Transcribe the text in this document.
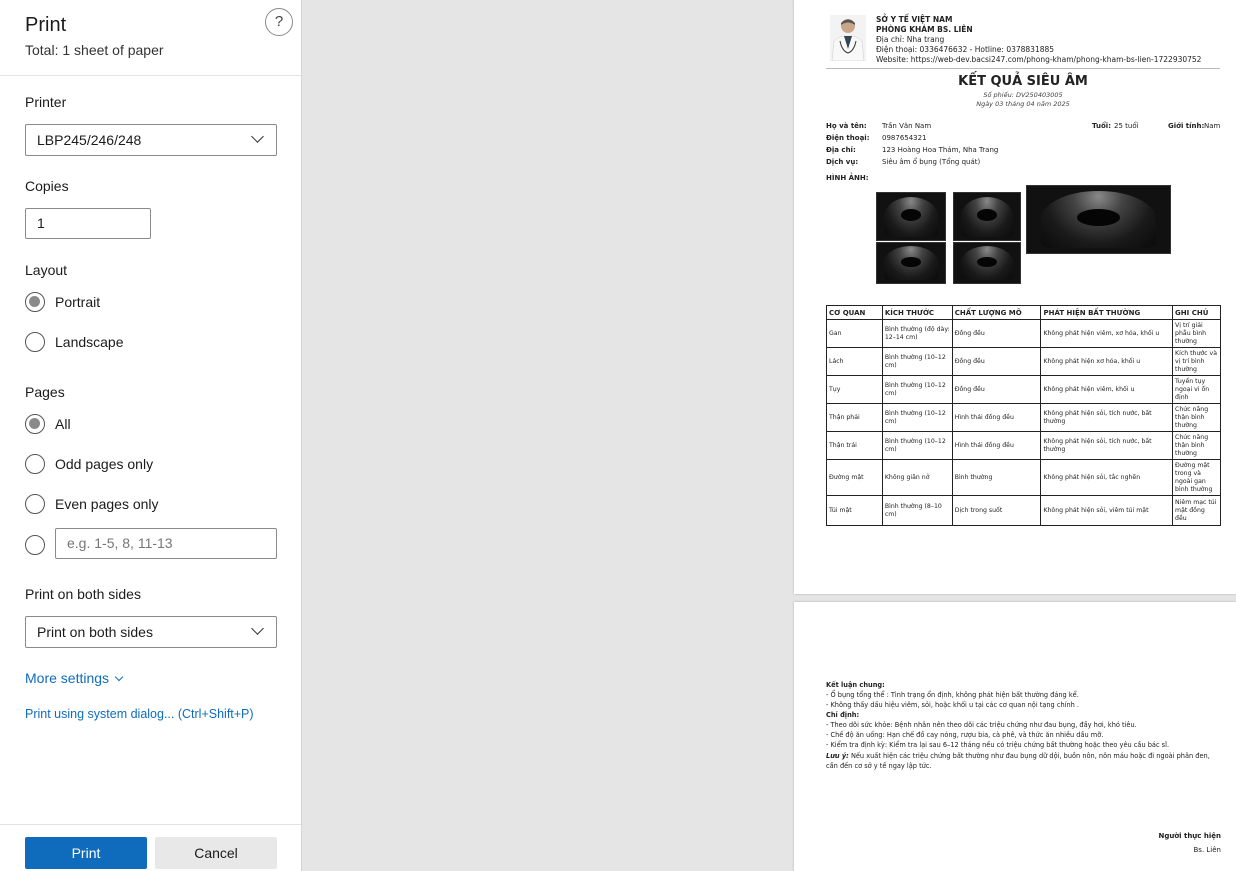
Print
Total: 1 sheet of paper
?
Printer
LBP245/246/248
Copies
1
Layout
Portrait
Landscape
Pages
All
Odd pages only
Even pages only
e.g. 1-5, 8, 11-13
Print on both sides
Print on both sides
More settings
Print using system dialog... (Ctrl+Shift+P)
Print	Cancel
SỞ Y TẾ VIỆT NAM
PHÒNG KHÁM BS. LIÊN
Địa chỉ: Nha trang
Điện thoại: 0336476632 - Hotline: 0378831885
Website: https://web-dev.bacsi247.com/phong-kham/phong-kham-bs-lien-1722930752
KẾT QUẢ SIÊU ÂM
Số phiếu: DV250403005
Ngày 03 tháng 04 năm 2025
Họ và tên: Trần Văn Nam	Tuổi: 25 tuổi	Giới tính: Nam
Điện thoại: 0987654321
Địa chỉ:	123 Hoàng Hoa Thám, Nha Trang
Dịch vụ:	Siêu âm ổ bụng (Tổng quát)
HÌNH ẢNH:
CƠ QUAN	KÍCH THƯỚC	CHẤT LƯỢNG MÔ	PHÁT HIỆN BẤT THƯỜNG	GHI CHÚ
Gan	Bình thường (độ dày: 12–14 cm)	Đồng đều	Không phát hiện viêm, xơ hóa, khối u	Vị trí giải phẫu bình thường
Lách	Bình thường (10–12 cm)	Đồng đều	Không phát hiện xơ hóa, khối u	Kích thước và vị trí bình thường
Tụy	Bình thường (10–12 cm)	Đồng đều	Không phát hiện viêm, khối u	Tuyến tụy ngoại vi ổn định
Thận phải	Bình thường (10–12 cm)	Hình thái đồng đều	Không phát hiện sỏi, tích nước, bất thường	Chức năng thận bình thường
Thận trái	Bình thường (10–12 cm)	Hình thái đồng đều	Không phát hiện sỏi, tích nước, bất thường	Chức năng thận bình thường
Đường mật	Không giãn nở	Bình thường	Không phát hiện sỏi, tắc nghẽn	Đường mật trong và ngoài gan bình thường
Túi mật	Bình thường (8–10 cm)	Dịch trong suốt	Không phát hiện sỏi, viêm túi mật	Niêm mạc túi mật đồng đều
Kết luận chung:
- Ổ bụng tổng thể : Tình trạng ổn định, không phát hiện bất thường đáng kể.
- Không thấy dấu hiệu viêm, sỏi, hoặc khối u tại các cơ quan nội tạng chính .
Chỉ định:
- Theo dõi sức khỏe: Bệnh nhân nên theo dõi các triệu chứng như đau bụng, đầy hơi, khó tiêu.
- Chế độ ăn uống: Hạn chế đồ cay nóng, rượu bia, cà phê, và thức ăn nhiều dầu mỡ.
- Kiểm tra định kỳ: Kiểm tra lại sau 6–12 tháng nếu có triệu chứng bất thường hoặc theo yêu cầu bác sĩ.
Lưu ý: Nếu xuất hiện các triệu chứng bất thường như đau bụng dữ dội, buồn nôn, nôn máu hoặc đi ngoài phân đen,
cần đến cơ sở y tế ngay lập tức.
Người thực hiện
Bs. Liên
